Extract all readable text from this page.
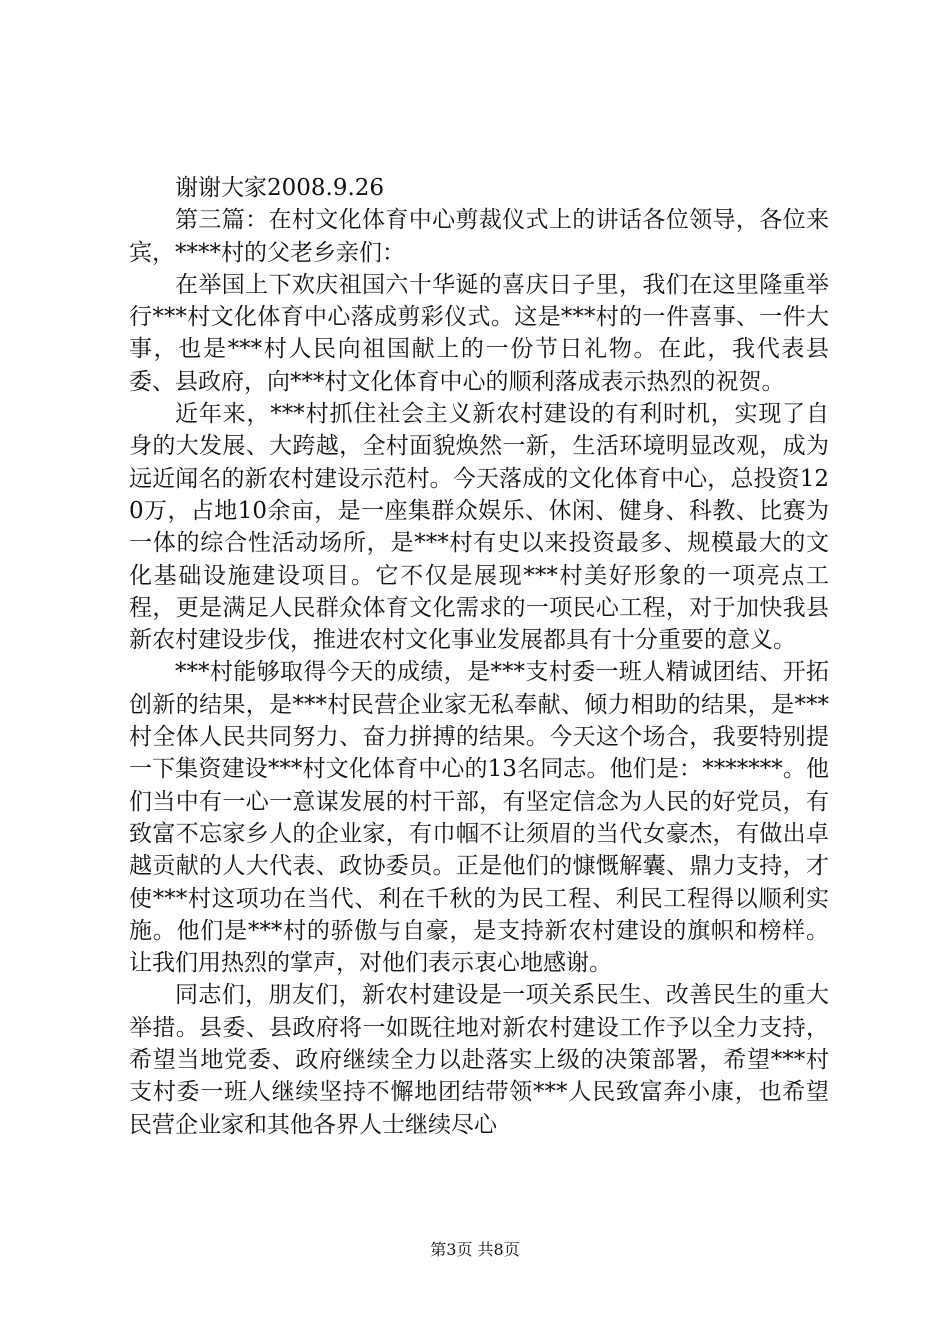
谢谢大家2008.9.26

第三篇：在村文化体育中心剪裁仪式上的讲话各位领导，各位来宾，****村的父老乡亲们：

在举国上下欢庆祖国六十华诞的喜庆日子里，我们在这里隆重举行***村文化体育中心落成剪彩仪式。这是***村的一件喜事、一件大事，也是***村人民向祖国献上的一份节日礼物。在此，我代表县委、县政府，向***村文化体育中心的顺利落成表示热烈的祝贺。

近年来，***村抓住社会主义新农村建设的有利时机，实现了自身的大发展、大跨越，全村面貌焕然一新，生活环境明显改观，成为远近闻名的新农村建设示范村。今天落成的文化体育中心，总投资120万，占地10余亩，是一座集群众娱乐、休闲、健身、科教、比赛为一体的综合性活动场所，是***村有史以来投资最多、规模最大的文化基础设施建设项目。它不仅是展现***村美好形象的一项亮点工程，更是满足人民群众体育文化需求的一项民心工程，对于加快我县新农村建设步伐，推进农村文化事业发展都具有十分重要的意义。

***村能够取得今天的成绩，是***支村委一班人精诚团结、开拓创新的结果，是***村民营企业家无私奉献、倾力相助的结果，是***村全体人民共同努力、奋力拼搏的结果。今天这个场合，我要特别提一下集资建设***村文化体育中心的13名同志。他们是：*******。他们当中有一心一意谋发展的村干部，有坚定信念为人民的好党员，有致富不忘家乡人的企业家，有巾帼不让须眉的当代女豪杰，有做出卓越贡献的人大代表、政协委员。正是他们的慷慨解囊、鼎力支持，才使***村这项功在当代、利在千秋的为民工程、利民工程得以顺利实施。他们是***村的骄傲与自豪，是支持新农村建设的旗帜和榜样。让我们用热烈的掌声，对他们表示衷心地感谢。

同志们，朋友们，新农村建设是一项关系民生、改善民生的重大举措。县委、县政府将一如既往地对新农村建设工作予以全力支持，希望当地党委、政府继续全力以赴落实上级的决策部署，希望***村支村委一班人继续坚持不懈地团结带领***人民致富奔小康，也希望民营企业家和其他各界人士继续尽心

第3页 共8页
